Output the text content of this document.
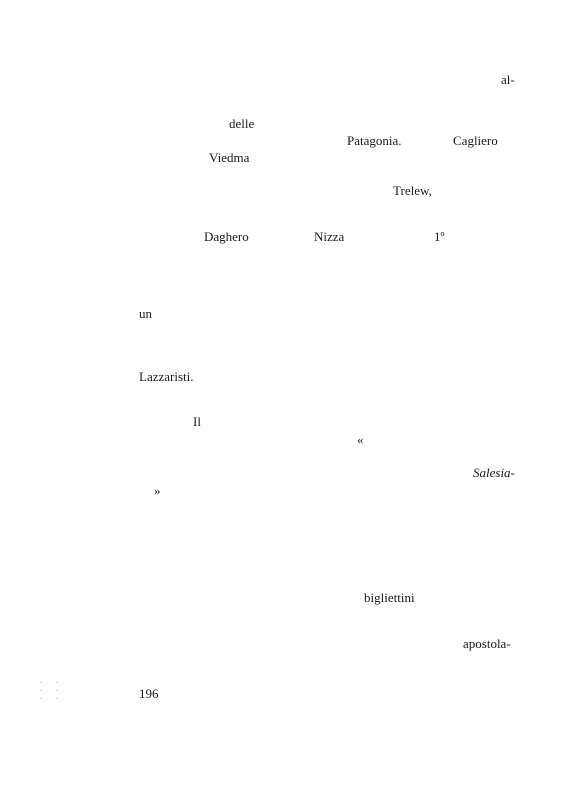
al-
delle
Patagonia.	Cagliero
Viedma
Trelew,
Daghero	Nizza	1º
un
Lazzaristi.
Il
«
Salesia-
»
bigliettini
apostola-
196
